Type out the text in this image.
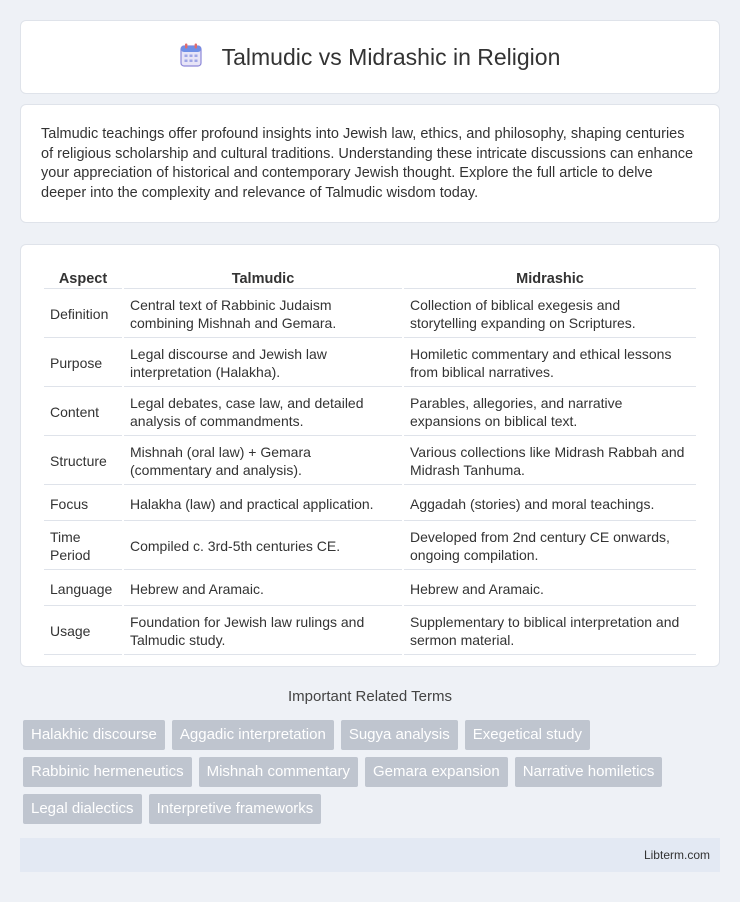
Talmudic vs Midrashic in Religion

Talmudic teachings offer profound insights into Jewish law, ethics, and philosophy, shaping centuries of religious scholarship and cultural traditions. Understanding these intricate discussions can enhance your appreciation of historical and contemporary Jewish thought. Explore the full article to delve deeper into the complexity and relevance of Talmudic wisdom today.

Aspect	Talmudic	Midrashic
Definition	Central text of Rabbinic Judaism combining Mishnah and Gemara.	Collection of biblical exegesis and storytelling expanding on Scriptures.
Purpose	Legal discourse and Jewish law interpretation (Halakha).	Homiletic commentary and ethical lessons from biblical narratives.
Content	Legal debates, case law, and detailed analysis of commandments.	Parables, allegories, and narrative expansions on biblical text.
Structure	Mishnah (oral law) + Gemara (commentary and analysis).	Various collections like Midrash Rabbah and Midrash Tanhuma.
Focus	Halakha (law) and practical application.	Aggadah (stories) and moral teachings.
Time Period	Compiled c. 3rd-5th centuries CE.	Developed from 2nd century CE onwards, ongoing compilation.
Language	Hebrew and Aramaic.	Hebrew and Aramaic.
Usage	Foundation for Jewish law rulings and Talmudic study.	Supplementary to biblical interpretation and sermon material.
Important Related Terms
Halakhic discourse	Aggadic interpretation	Sugya analysis	Exegetical study
Rabbinic hermeneutics	Mishnah commentary	Gemara expansion	Narrative homiletics
Legal dialectics	Interpretive frameworks
Libterm.com
